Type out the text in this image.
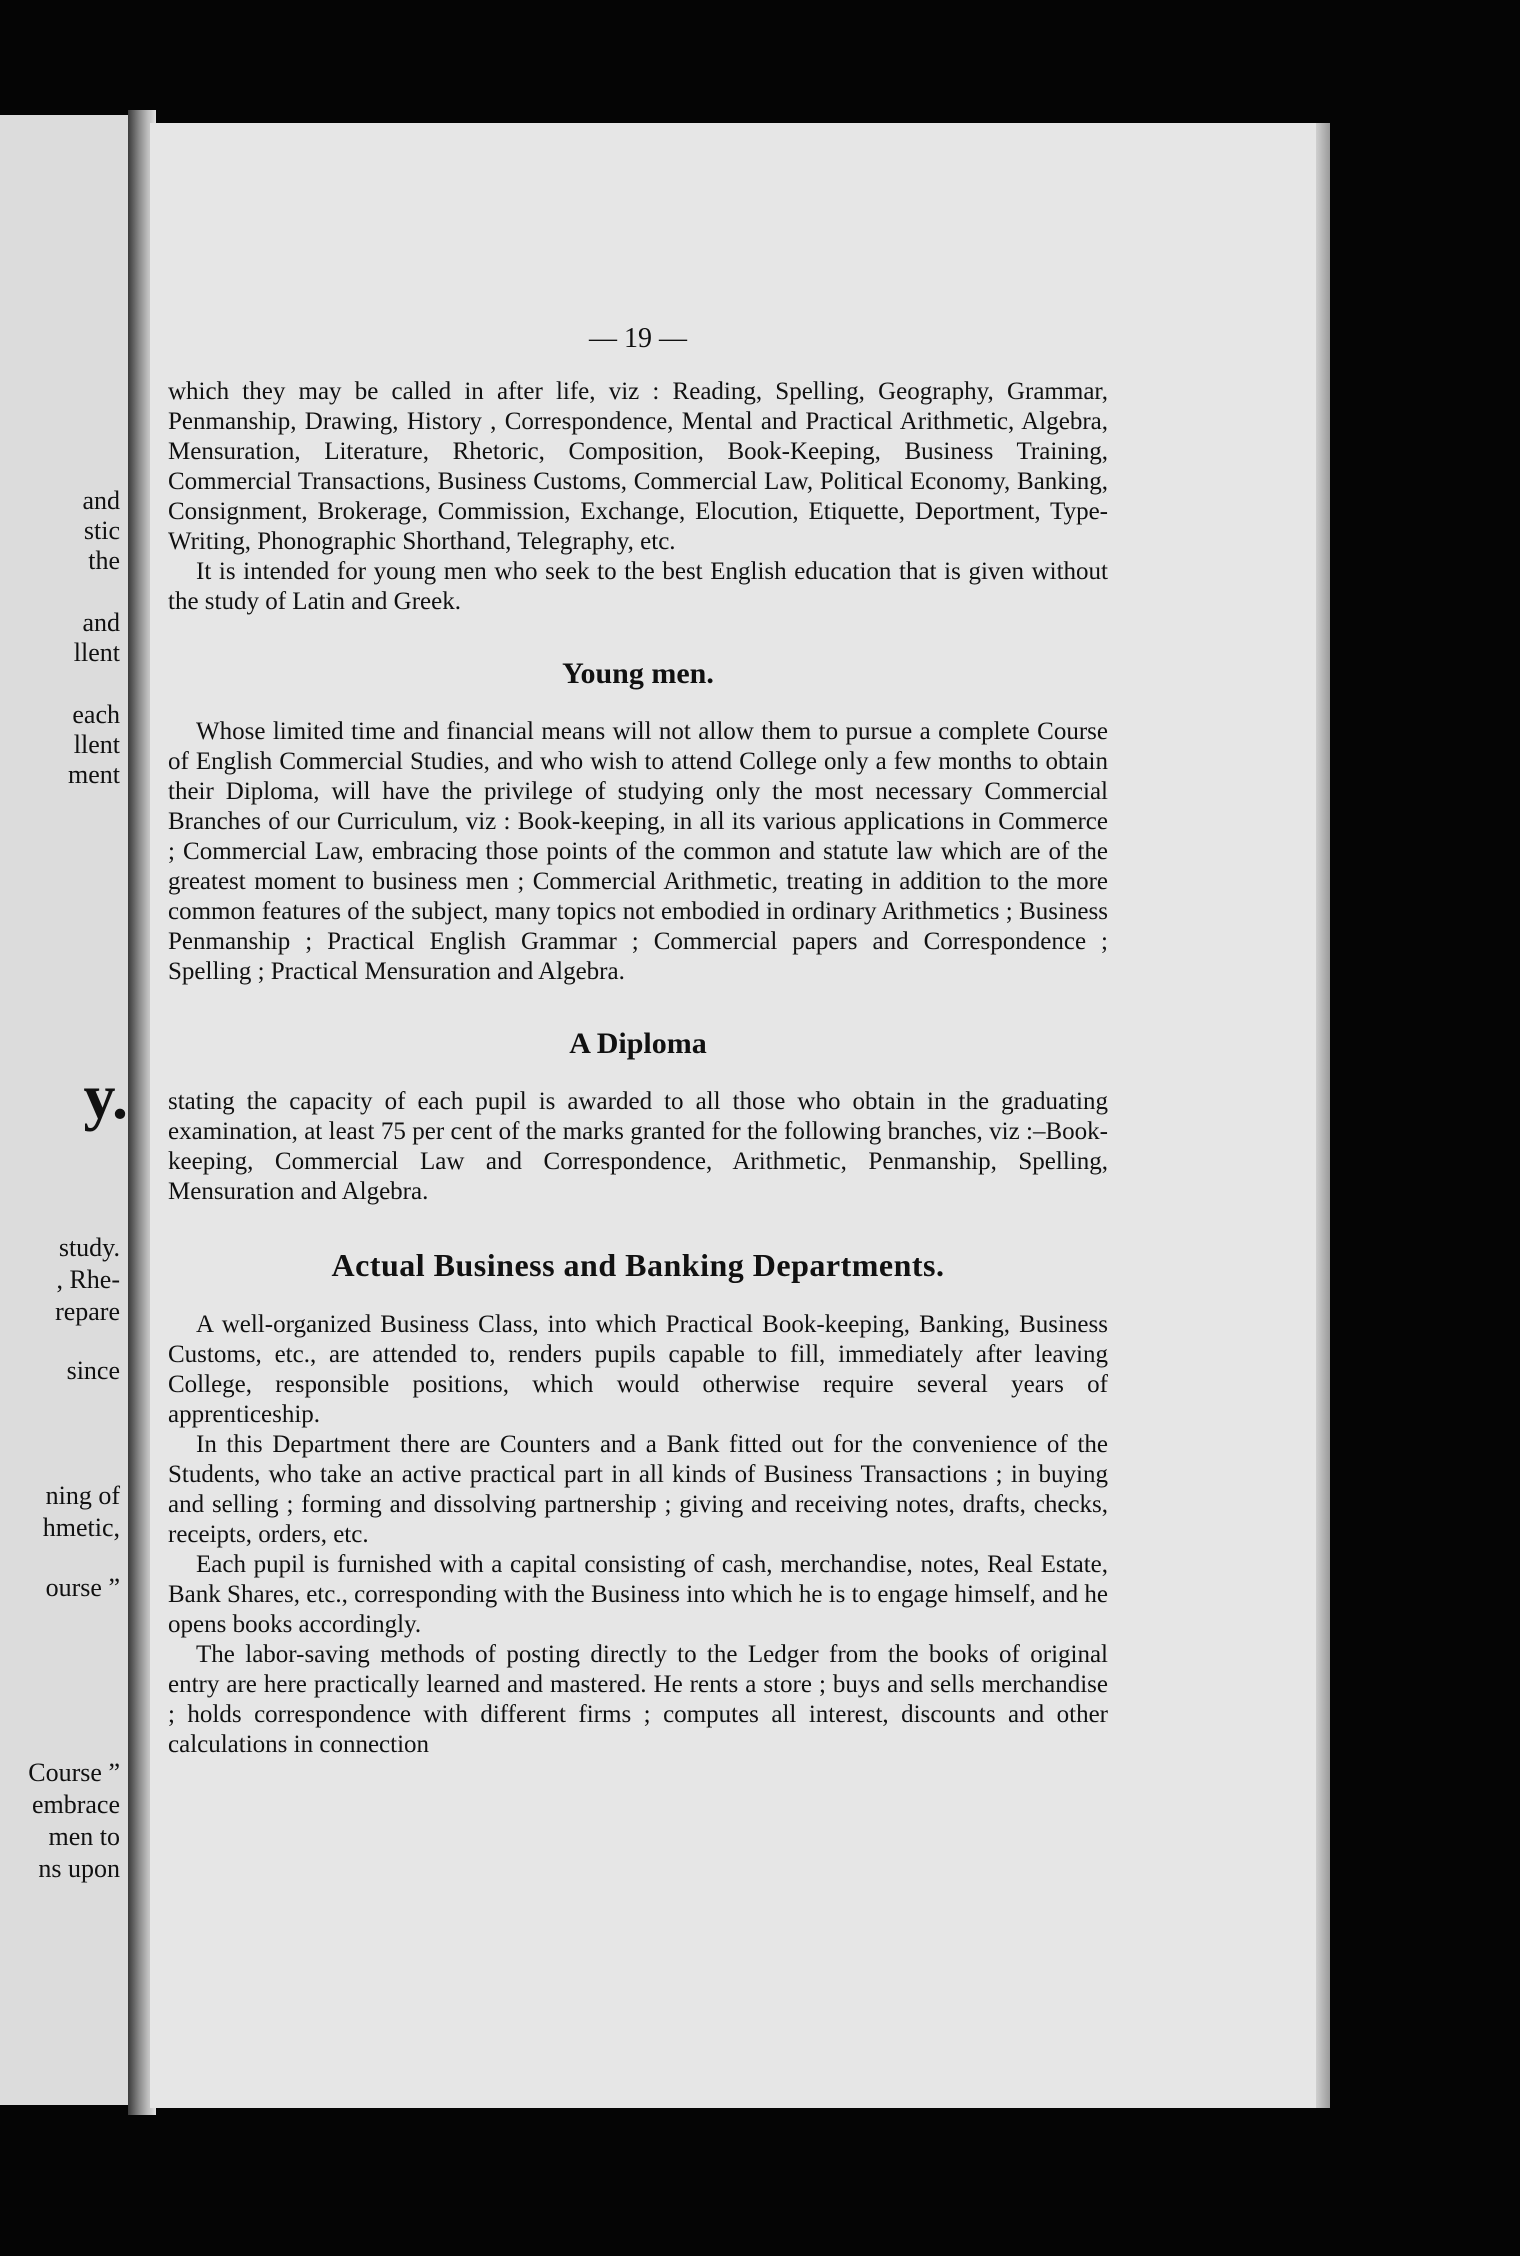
and
stic
the
and
llent
each
llent
ment
y.
study.
, Rhe-
repare
since
ning of
hmetic,
ourse ”
Course ”
embrace
men to
ns upon
— 19 —

which they may be called in after life, viz : Reading, Spelling, Geography, Grammar, Penmanship, Drawing, History , Correspondence, Mental and Practical Arithmetic, Algebra, Mensuration, Literature, Rhetoric, Composition, Book-Keeping, Business Training, Commercial Transactions, Business Customs, Commercial Law, Political Economy, Banking, Consignment, Brokerage, Commission, Exchange, Elocution, Etiquette, Deportment, Type-Writing, Phonographic Shorthand, Telegraphy, etc.

It is intended for young men who seek to the best English education that is given without the study of Latin and Greek.

Young men.

Whose limited time and financial means will not allow them to pursue a complete Course of English Commercial Studies, and who wish to attend College only a few months to obtain their Diploma, will have the privilege of studying only the most necessary Commercial Branches of our Curriculum, viz : Book-keeping, in all its various applications in Commerce ; Commercial Law, embracing those points of the common and statute law which are of the greatest moment to business men ; Commercial Arithmetic, treating in addition to the more common features of the subject, many topics not embodied in ordinary Arithmetics ; Business Penmanship ; Practical English Grammar ; Commercial papers and Correspondence ; Spelling ; Practical Mensuration and Algebra.

A Diploma

stating the capacity of each pupil is awarded to all those who obtain in the graduating examination, at least 75 per cent of the marks granted for the following branches, viz :–Book-keeping, Commercial Law and Correspondence, Arithmetic, Penmanship, Spelling, Mensuration and Algebra.

Actual Business and Banking Departments.

A well-organized Business Class, into which Practical Book-keeping, Banking, Business Customs, etc., are attended to, renders pupils capable to fill, immediately after leaving College, responsible positions, which would otherwise require several years of apprenticeship.

In this Department there are Counters and a Bank fitted out for the convenience of the Students, who take an active practical part in all kinds of Business Transactions ; in buying and selling ; forming and dissolving partnership ; giving and receiving notes, drafts, checks, receipts, orders, etc.

Each pupil is furnished with a capital consisting of cash, merchandise, notes, Real Estate, Bank Shares, etc., corresponding with the Business into which he is to engage himself, and he opens books accordingly.

The labor-saving methods of posting directly to the Ledger from the books of original entry are here practically learned and mastered. He rents a store ; buys and sells merchandise ; holds correspondence with different firms ; computes all interest, discounts and other calculations in connection
